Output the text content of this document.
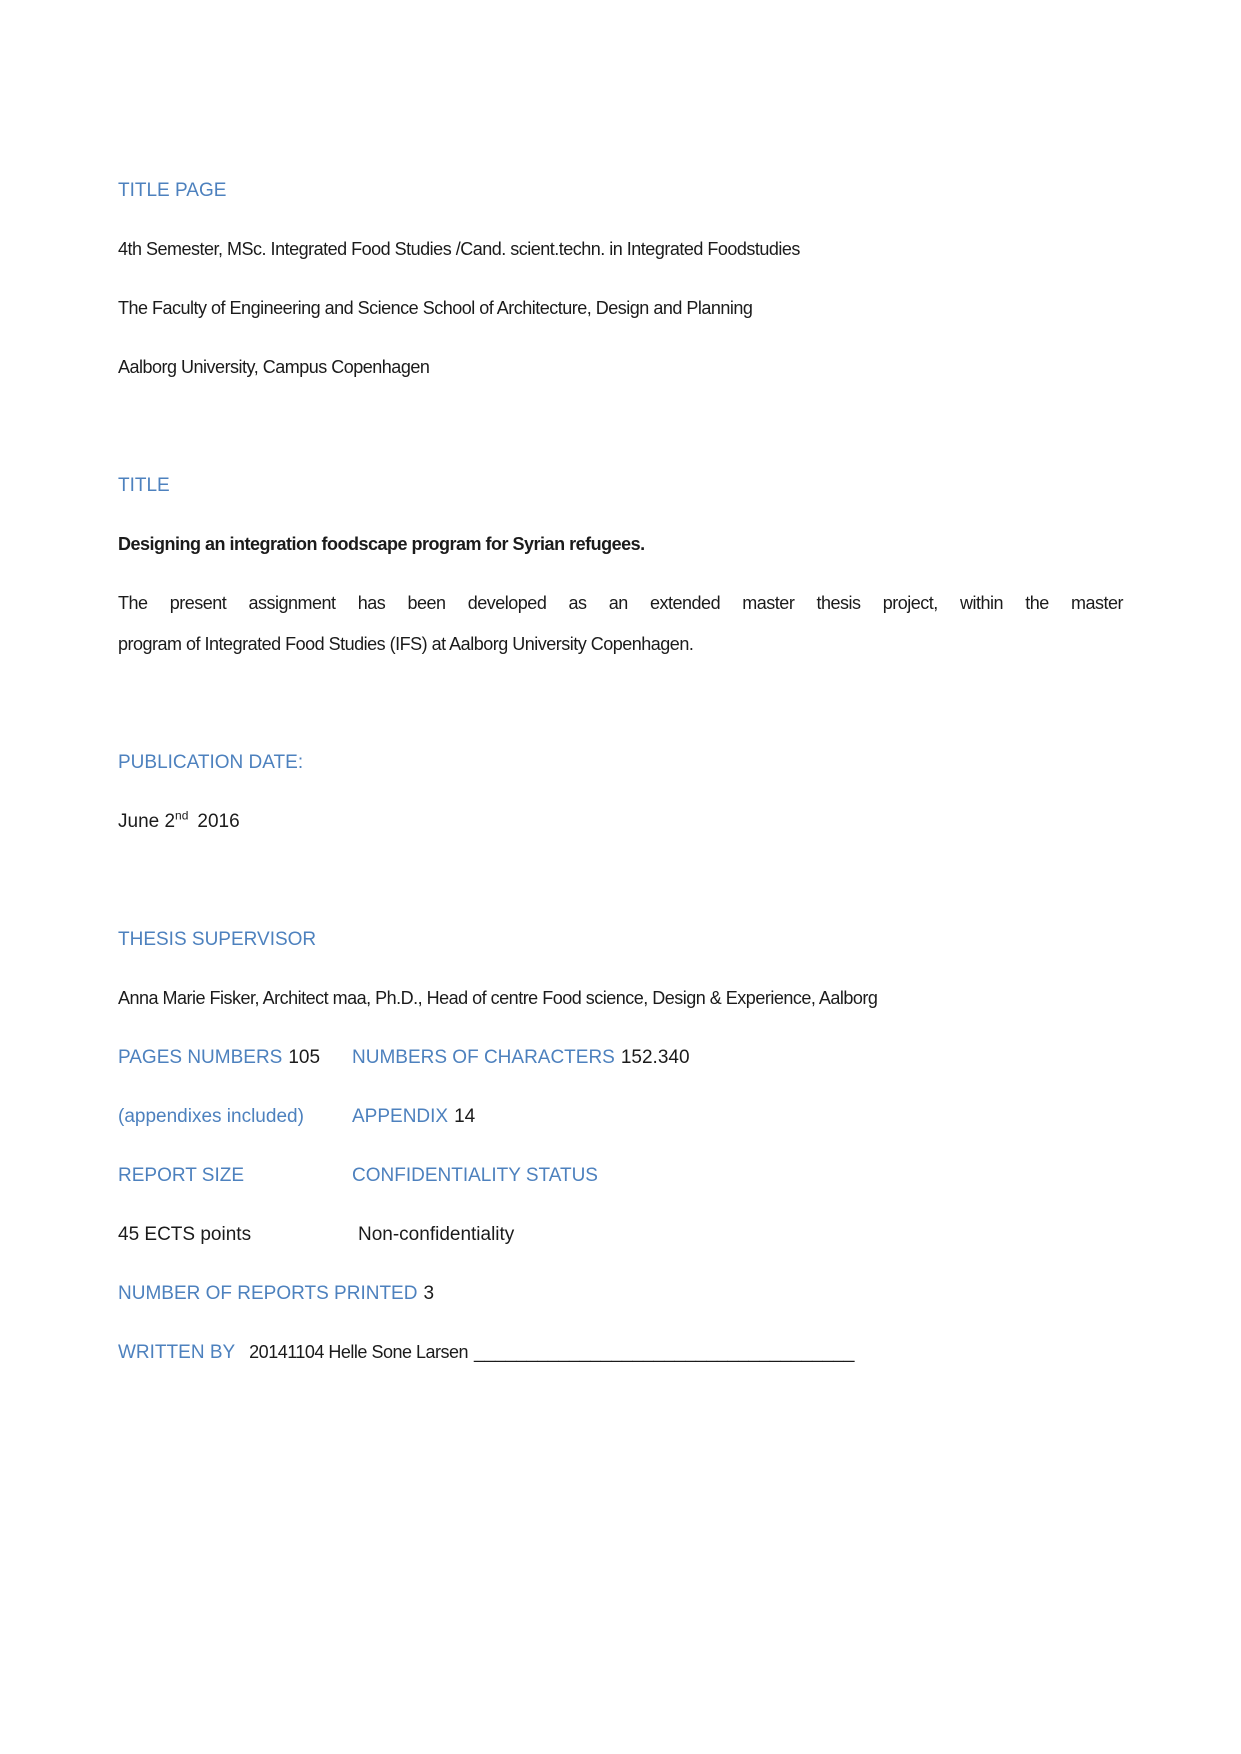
TITLE PAGE
4th Semester, MSc. Integrated Food Studies /Cand. scient.techn. in Integrated Foodstudies
The Faculty of Engineering and Science School of Architecture, Design and Planning
Aalborg University, Campus Copenhagen
TITLE
Designing an integration foodscape program for Syrian refugees.
The present assignment has been developed as an extended master thesis project, within the master
program of Integrated Food Studies (IFS) at Aalborg University Copenhagen.
PUBLICATION DATE:
June 2nd 2016
THESIS SUPERVISOR
Anna Marie Fisker, Architect maa, Ph.D., Head of centre Food science, Design & Experience, Aalborg
PAGES NUMBERS 105 NUMBERS OF CHARACTERS 152.340
(appendixes included)	APPENDIX 14
REPORT SIZE	CONFIDENTIALITY STATUS
45 ECTS points	Non-confidentiality
NUMBER OF REPORTS PRINTED 3
WRITTEN BY 20141104 Helle Sone Larsen ____________________________________
